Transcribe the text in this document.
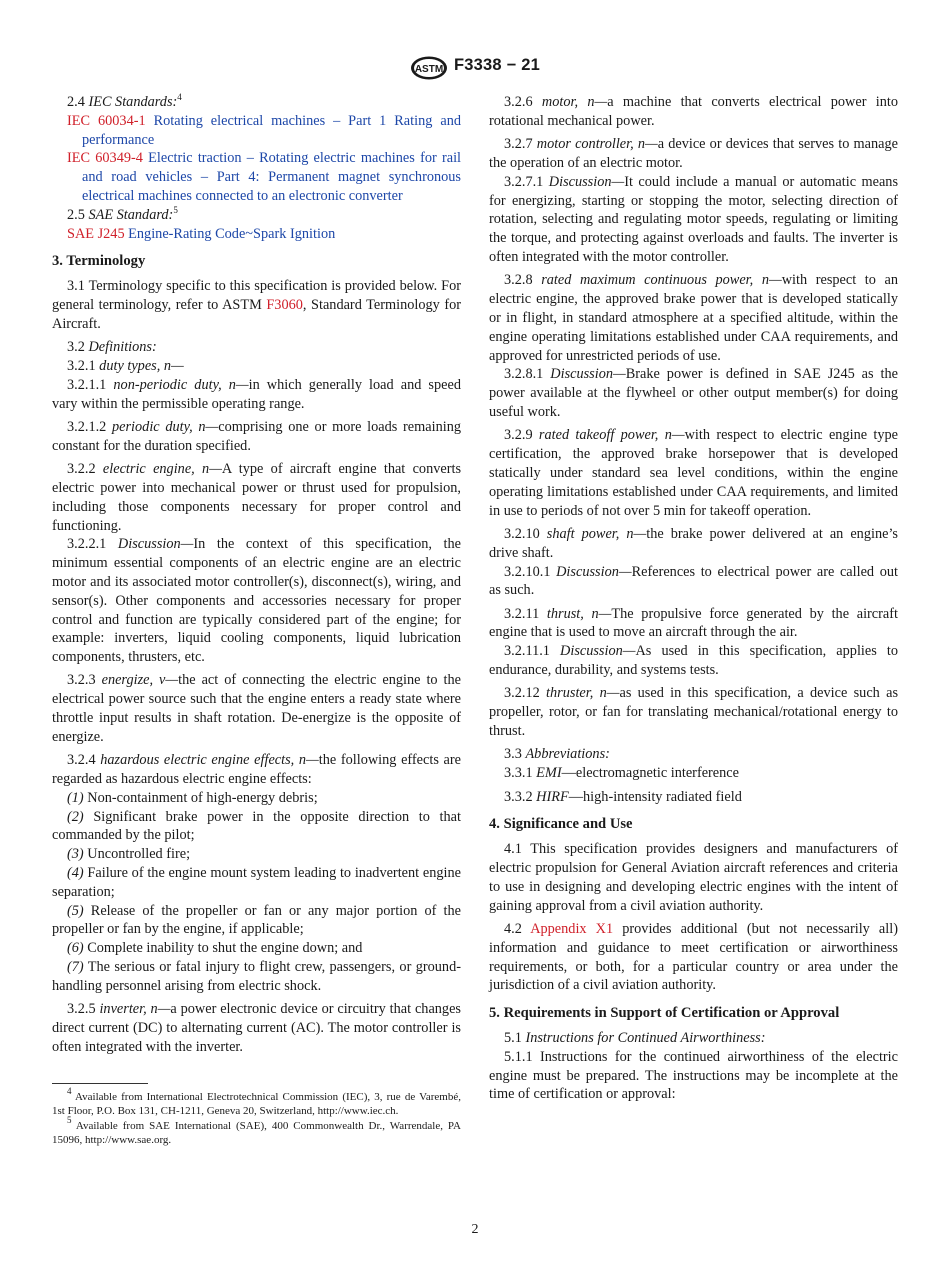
ASTM F3338 − 21

2.4 IEC Standards:$^4$

IEC 60034-1 Rotating electrical machines – Part 1 Rating and performance

IEC 60349-4 Electric traction – Rotating electric machines for rail and road vehicles – Part 4: Permanent magnet synchronous electrical machines connected to an electronic converter

2.5 SAE Standard:$^5$

SAE J245 Engine-Rating Code~Spark Ignition

3. Terminology

3.1 Terminology specific to this specification is provided below. For general terminology, refer to ASTM F3060, Standard Terminology for Aircraft.

3.2 Definitions:

3.2.1 duty types, n—

3.2.1.1 non-periodic duty, n—in which generally load and speed vary within the permissible operating range.

3.2.1.2 periodic duty, n—comprising one or more loads remaining constant for the duration specified.

3.2.2 electric engine, n—A type of aircraft engine that converts electric power into mechanical power or thrust used for propulsion, including those components necessary for proper control and functioning.

3.2.2.1 Discussion—In the context of this specification, the minimum essential components of an electric engine are an electric motor and its associated motor controller(s), disconnect(s), wiring, and sensor(s). Other components and accessories necessary for proper control and function are typically considered part of the engine; for example: inverters, liquid cooling components, liquid lubrication components, thrusters, etc.

3.2.3 energize, v—the act of connecting the electric engine to the electrical power source such that the engine enters a ready state where throttle input results in shaft rotation. De-energize is the opposite of energize.

3.2.4 hazardous electric engine effects, n—the following effects are regarded as hazardous electric engine effects:

(1) Non-containment of high-energy debris;

(2) Significant brake power in the opposite direction to that commanded by the pilot;

(3) Uncontrolled fire;

(4) Failure of the engine mount system leading to inadvertent engine separation;

(5) Release of the propeller or fan or any major portion of the propeller or fan by the engine, if applicable;

(6) Complete inability to shut the engine down; and

(7) The serious or fatal injury to flight crew, passengers, or ground-handling personnel arising from electric shock.

3.2.5 inverter, n—a power electronic device or circuitry that changes direct current (DC) to alternating current (AC). The motor controller is often integrated with the inverter.

$^4$ Available from International Electrotechnical Commission (IEC), 3, rue de Varembé, 1st Floor, P.O. Box 131, CH-1211, Geneva 20, Switzerland, http://www.iec.ch.

$^5$ Available from SAE International (SAE), 400 Commonwealth Dr., Warrendale, PA 15096, http://www.sae.org.

3.2.6 motor, n—a machine that converts electrical power into rotational mechanical power.

3.2.7 motor controller, n—a device or devices that serves to manage the operation of an electric motor.

3.2.7.1 Discussion—It could include a manual or automatic means for energizing, starting or stopping the motor, selecting direction of rotation, selecting and regulating motor speeds, regulating or limiting the torque, and protecting against overloads and faults. The inverter is often integrated with the motor controller.

3.2.8 rated maximum continuous power, n—with respect to an electric engine, the approved brake power that is developed statically or in flight, in standard atmosphere at a specified altitude, within the engine operating limitations established under CAA requirements, and approved for unrestricted periods of use.

3.2.8.1 Discussion—Brake power is defined in SAE J245 as the power available at the flywheel or other output member(s) for doing useful work.

3.2.9 rated takeoff power, n—with respect to electric engine type certification, the approved brake horsepower that is developed statically under standard sea level conditions, within the engine operating limitations established under CAA requirements, and limited in use to periods of not over 5 min for takeoff operation.

3.2.10 shaft power, n—the brake power delivered at an engine’s drive shaft.

3.2.10.1 Discussion—References to electrical power are called out as such.

3.2.11 thrust, n—The propulsive force generated by the aircraft engine that is used to move an aircraft through the air.

3.2.11.1 Discussion—As used in this specification, applies to endurance, durability, and systems tests.

3.2.12 thruster, n—as used in this specification, a device such as propeller, rotor, or fan for translating mechanical/rotational energy to thrust.

3.3 Abbreviations:

3.3.1 EMI—electromagnetic interference

3.3.2 HIRF—high-intensity radiated field

4. Significance and Use

4.1 This specification provides designers and manufacturers of electric propulsion for General Aviation aircraft references and criteria to use in designing and developing electric engines with the intent of gaining approval from a civil aviation authority.

4.2 Appendix X1 provides additional (but not necessarily all) information and guidance to meet certification or airworthiness requirements, or both, for a particular country or area under the jurisdiction of a civil aviation authority.

5. Requirements in Support of Certification or Approval

5.1 Instructions for Continued Airworthiness:

5.1.1 Instructions for the continued airworthiness of the electric engine must be prepared. The instructions may be incomplete at the time of certification or approval:

2
